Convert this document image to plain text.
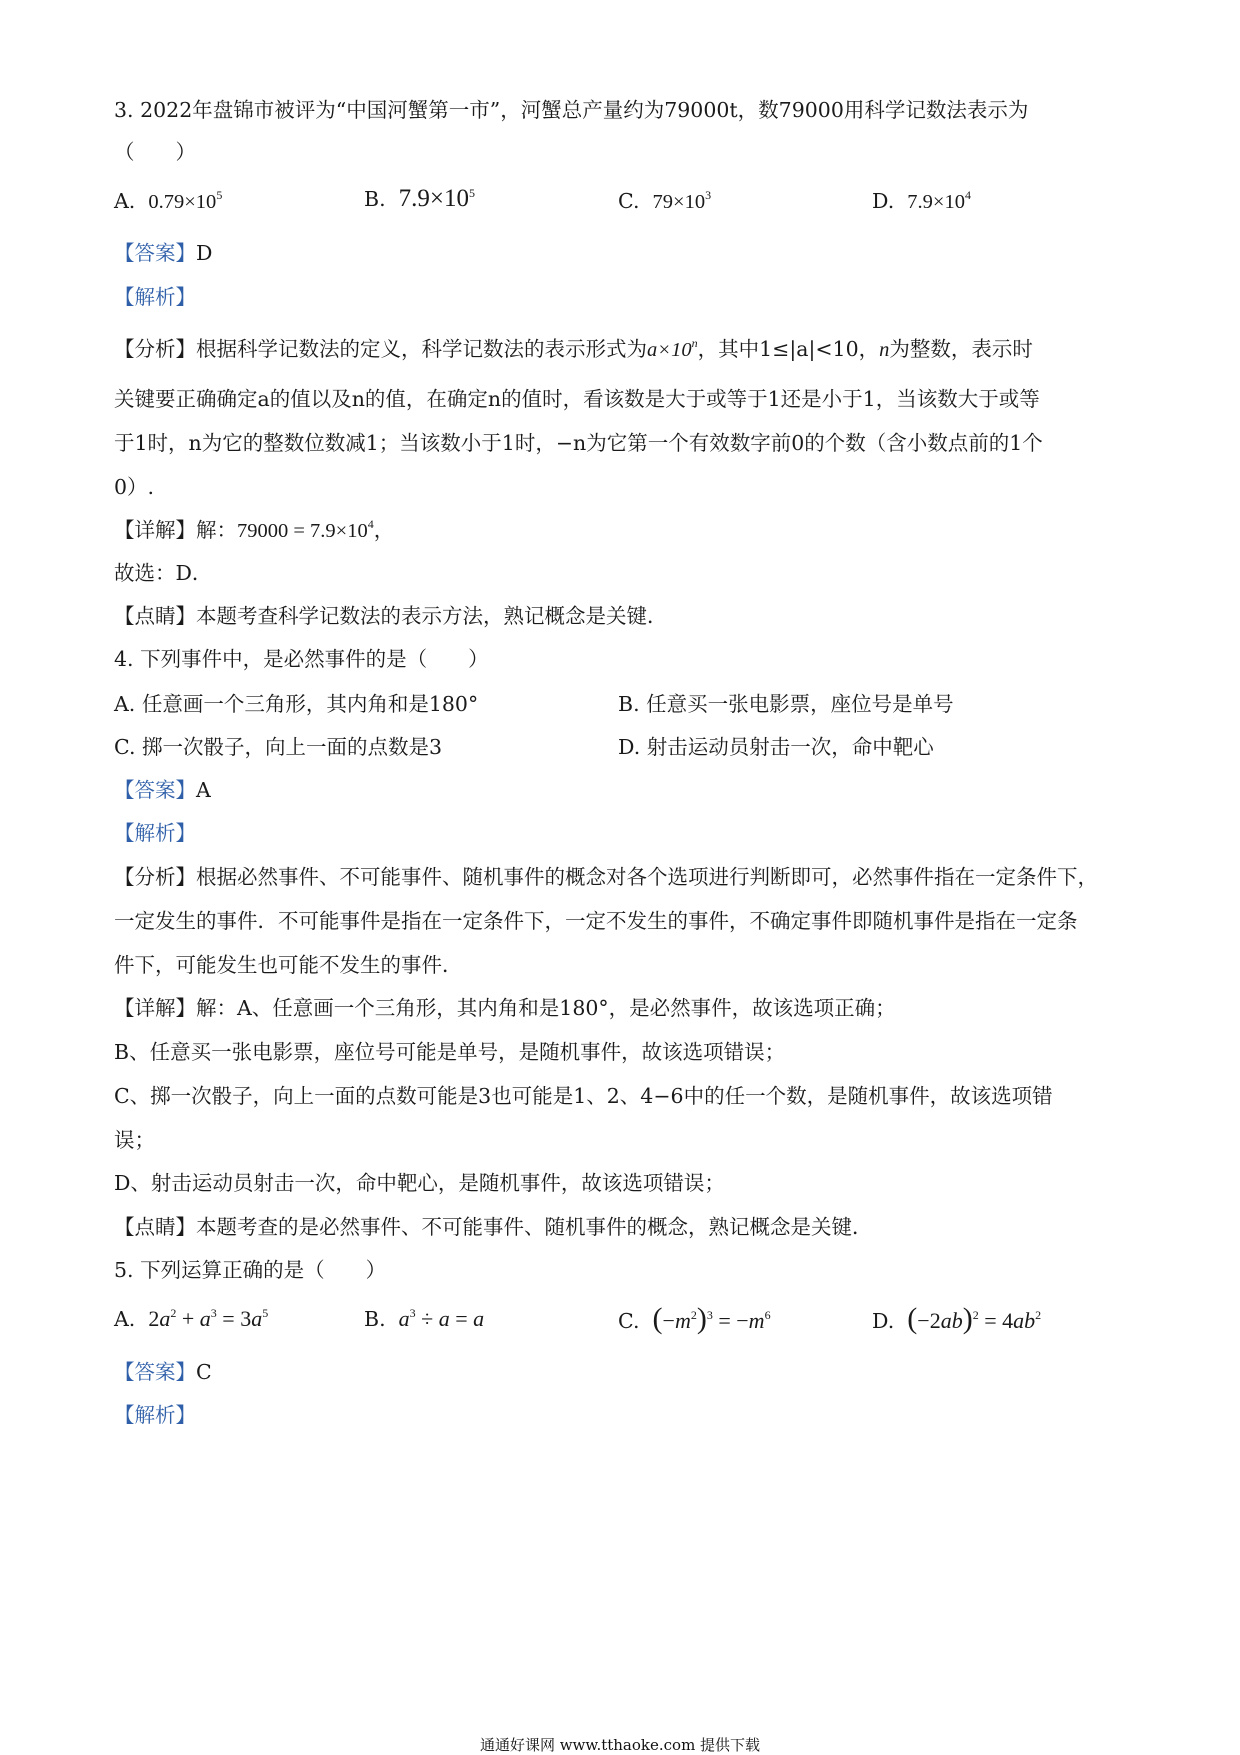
3. 2022年盘锦市被评为“中国河蟹第一市”，河蟹总产量约为79000t，数79000用科学记数法表示为
（　　）
A. $0.79\times 10^5$	B. $7.9\times 10^5$	C. $79\times 10^3$	D. $7.9\times 10^4$
【答案】D
【解析】
【分析】根据科学记数法的定义，科学记数法的表示形式为$a\times 10^n$，其中1≤|a|<10，n为整数，表示时
关键要正确确定a的值以及n的值，在确定n的值时，看该数是大于或等于1还是小于1，当该数大于或等
于1时，n为它的整数位数减1；当该数小于1时，−n为它第一个有效数字前0的个数（含小数点前的1个
0）.
【详解】解：$79000 = 7.9\times 10^4$，
故选：D．
【点睛】本题考查科学记数法的表示方法，熟记概念是关键．
4. 下列事件中，是必然事件的是（　　）
A. 任意画一个三角形，其内角和是180°	B. 任意买一张电影票，座位号是单号
C. 掷一次骰子，向上一面的点数是3	D. 射击运动员射击一次，命中靶心
【答案】A
【解析】
【分析】根据必然事件、不可能事件、随机事件的概念对各个选项进行判断即可，必然事件指在一定条件下，
一定发生的事件．不可能事件是指在一定条件下，一定不发生的事件，不确定事件即随机事件是指在一定条
件下，可能发生也可能不发生的事件．
【详解】解：A、任意画一个三角形，其内角和是180°，是必然事件，故该选项正确；
B、任意买一张电影票，座位号可能是单号，是随机事件，故该选项错误；
C、掷一次骰子，向上一面的点数可能是3也可能是1、2、4−6中的任一个数，是随机事件，故该选项错
误；
D、射击运动员射击一次，命中靶心，是随机事件，故该选项错误；
【点睛】本题考查的是必然事件、不可能事件、随机事件的概念，熟记概念是关键．
5. 下列运算正确的是（　　）
A. $2a^2 + a^3 = 3a^5$	B. $a^3 \div a = a$	C. $(-m^2)^3 = -m^6$	D. $(-2ab)^2 = 4ab^2$
【答案】C
【解析】
通通好课网 www.tthaoke.com 提供下载
